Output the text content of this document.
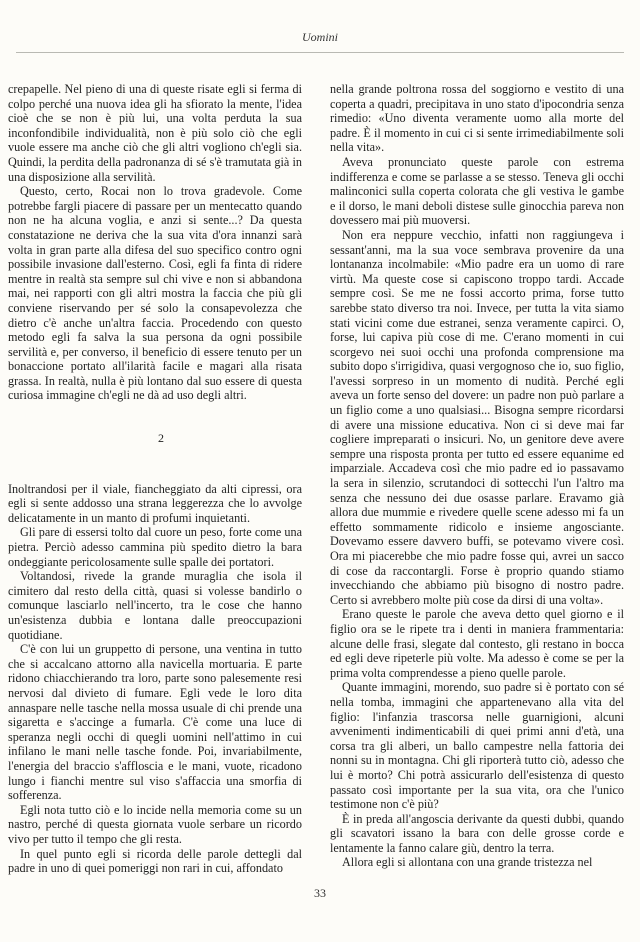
Uomini

crepapelle. Nel pieno di una di queste risate egli si ferma di colpo perché una nuova idea gli ha sfiorato la mente, l'idea cioè che se non è più lui, una volta perduta la sua inconfondibile individualità, non è più solo ciò che egli vuole essere ma anche ciò che gli altri vogliono ch'egli sia. Quindi, la perdita della padronanza di sé s'è tramutata già in una disposizione alla servilità.

Questo, certo, Rocai non lo trova gradevole. Come potrebbe fargli piacere di passare per un mentecatto quando non ne ha alcuna voglia, e anzi si sente...? Da questa constatazione ne deriva che la sua vita d'ora innanzi sarà volta in gran parte alla difesa del suo specifico contro ogni possibile invasione dall'esterno. Così, egli fa finta di ridere mentre in realtà sta sempre sul chi vive e non si abbandona mai, nei rapporti con gli altri mostra la faccia che più gli conviene riservando per sé solo la consapevolezza che dietro c'è anche un'altra faccia. Procedendo con questo metodo egli fa salva la sua persona da ogni possibile servilità e, per converso, il beneficio di essere tenuto per un bonaccione portato all'ilarità facile e magari alla risata grassa. In realtà, nulla è più lontano dal suo essere di questa curiosa immagine ch'egli ne dà ad uso degli altri.

2

Inoltrandosi per il viale, fiancheggiato da alti cipressi, ora egli si sente addosso una strana leggerezza che lo avvolge delicatamente in un manto di profumi inquietanti.

Gli pare di essersi tolto dal cuore un peso, forte come una pietra. Perciò adesso cammina più spedito dietro la bara ondeggiante pericolosamente sulle spalle dei portatori.

Voltandosi, rivede la grande muraglia che isola il cimitero dal resto della città, quasi si volesse bandirlo o comunque lasciarlo nell'incerto, tra le cose che hanno un'esistenza dubbia e lontana dalle preoccupazioni quotidiane.

C'è con lui un gruppetto di persone, una ventina in tutto che si accalcano attorno alla navicella mortuaria. E parte ridono chiacchierando tra loro, parte sono palesemente resi nervosi dal divieto di fumare. Egli vede le loro dita annaspare nelle tasche nella mossa usuale di chi prende una sigaretta e s'accinge a fumarla. C'è come una luce di speranza negli occhi di quegli uomini nell'attimo in cui infilano le mani nelle tasche fonde. Poi, invariabilmente, l'energia del braccio s'affloscia e le mani, vuote, ricadono lungo i fianchi mentre sul viso s'affaccia una smorfia di sofferenza.

Egli nota tutto ciò e lo incide nella memoria come su un nastro, perché di questa giornata vuole serbare un ricordo vivo per tutto il tempo che gli resta.

In quel punto egli si ricorda delle parole dettegli dal padre in uno di quei pomeriggi non rari in cui, affondato

nella grande poltrona rossa del soggiorno e vestito di una coperta a quadri, precipitava in uno stato d'ipocondria senza rimedio: «Uno diventa veramente uomo alla morte del padre. È il momento in cui ci si sente irrimediabilmente soli nella vita».

Aveva pronunciato queste parole con estrema indifferenza e come se parlasse a se stesso. Teneva gli occhi malinconici sulla coperta colorata che gli vestiva le gambe e il dorso, le mani deboli distese sulle ginocchia pareva non dovessero mai più muoversi.

Non era neppure vecchio, infatti non raggiungeva i sessant'anni, ma la sua voce sembrava provenire da una lontananza incolmabile: «Mio padre era un uomo di rare virtù. Ma queste cose si capiscono troppo tardi. Accade sempre così. Se me ne fossi accorto prima, forse tutto sarebbe stato diverso tra noi. Invece, per tutta la vita siamo stati vicini come due estranei, senza veramente capirci. O, forse, lui capiva più cose di me. C'erano momenti in cui scorgevo nei suoi occhi una profonda comprensione ma subito dopo s'irrigidiva, quasi vergognoso che io, suo figlio, l'avessi sorpreso in un momento di nudità. Perché egli aveva un forte senso del dovere: un padre non può parlare a un figlio come a uno qualsiasi... Bisogna sempre ricordarsi di avere una missione educativa. Non ci si deve mai far cogliere impreparati o insicuri. No, un genitore deve avere sempre una risposta pronta per tutto ed essere equanime ed imparziale. Accadeva così che mio padre ed io passavamo la sera in silenzio, scrutandoci di sottecchi l'un l'altro ma senza che nessuno dei due osasse parlare. Eravamo già allora due mummie e rivedere quelle scene adesso mi fa un effetto sommamente ridicolo e insieme angosciante. Dovevamo essere davvero buffi, se potevamo vivere così. Ora mi piacerebbe che mio padre fosse qui, avrei un sacco di cose da raccontargli. Forse è proprio quando stiamo invecchiando che abbiamo più bisogno di nostro padre. Certo si avrebbero molte più cose da dirsi di una volta».

Erano queste le parole che aveva detto quel giorno e il figlio ora se le ripete tra i denti in maniera frammentaria: alcune delle frasi, slegate dal contesto, gli restano in bocca ed egli deve ripeterle più volte. Ma adesso è come se per la prima volta comprendesse a pieno quelle parole.

Quante immagini, morendo, suo padre si è portato con sé nella tomba, immagini che appartenevano alla vita del figlio: l'infanzia trascorsa nelle guarnigioni, alcuni avvenimenti indimenticabili di quei primi anni d'età, una corsa tra gli alberi, un ballo campestre nella fattoria dei nonni su in montagna. Chi gli riporterà tutto ciò, adesso che lui è morto? Chi potrà assicurarlo dell'esistenza di questo passato così importante per la sua vita, ora che l'unico testimone non c'è più?

È in preda all'angoscia derivante da questi dubbi, quando gli scavatori issano la bara con delle grosse corde e lentamente la fanno calare giù, dentro la terra.

Allora egli si allontana con una grande tristezza nel

33
